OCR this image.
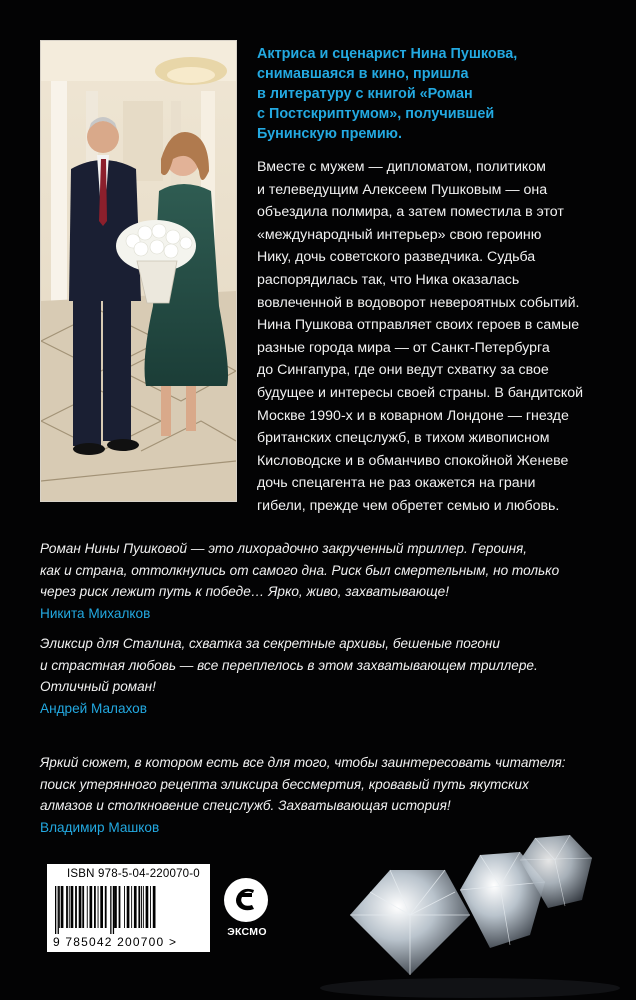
Актриса и сценарист Нина Пушкова,
снимавшаяся в кино, пришла
в литературу с книгой «Роман
с Постскриптумом», получившей
Бунинскую премию.

Вместе с мужем — дипломатом, политиком
и телеведущим Алексеем Пушковым — она
объездила полмира, а затем поместила в этот
«международный интерьер» свою героиню
Нику, дочь советского разведчика. Судьба
распорядилась так, что Ника оказалась
вовлеченной в водоворот невероятных событий.
Нина Пушкова отправляет своих героев в самые
разные города мира — от Санкт-Петербурга
до Сингапура, где они ведут схватку за свое
будущее и интересы своей страны. В бандитской
Москве 1990-х и в коварном Лондоне — гнезде
британских спецслужб, в тихом живописном
Кисловодске и в обманчиво спокойной Женеве
дочь спецагента не раз окажется на грани
гибели, прежде чем обретет семью и любовь.

Роман Нины Пушковой — это лихорадочно закрученный триллер. Героиня,
как и страна, оттолкнулись от самого дна. Риск был смертельным, но только
через риск лежит путь к победе… Ярко, живо, захватывающе!

Никита Михалков

Эликсир для Сталина, схватка за секретные архивы, бешеные погони
и страстная любовь — все переплелось в этом захватывающем триллере.
Отличный роман!

Андрей Малахов

Яркий сюжет, в котором есть все для того, чтобы заинтересовать читателя:
поиск утерянного рецепта эликсира бессмертия, кровавый путь якутских
алмазов и столкновение спецслужб. Захватывающая история!

Владимир Машков
ISBN 978-5-04-220070-0
9 785042 200700 >
ЭКСМО
